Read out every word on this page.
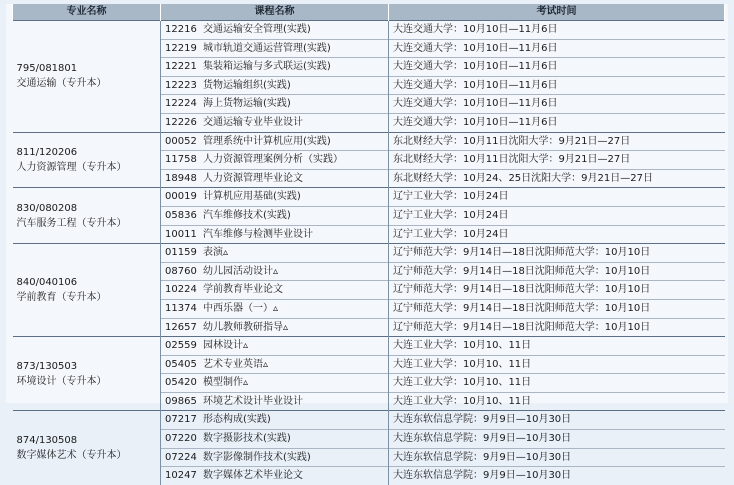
专业名称	课程名称	考试时间

795/081801
交通运输（专升本）	12216 交通运输安全管理(实践)	大连交通大学：10月10日—11月6日
	12219 城市轨道交通运营管理(实践)	大连交通大学：10月10日—11月6日
	12221 集装箱运输与多式联运(实践)	大连交通大学：10月10日—11月6日
	12223 货物运输组织(实践)	大连交通大学：10月10日—11月6日
	12224 海上货物运输(实践)	大连交通大学：10月10日—11月6日
	12226 交通运输专业毕业设计	大连交通大学：10月10日—11月6日

811/120206
人力资源管理（专升本）	00052 管理系统中计算机应用(实践)	东北财经大学：10月11日沈阳大学：9月21日—27日
	11758 人力资源管理案例分析（实践）	东北财经大学：10月11日沈阳大学：9月21日—27日
	18948 人力资源管理毕业论文	东北财经大学：10月24、25日沈阳大学：9月21日—27日

830/080208
汽车服务工程（专升本）	00019 计算机应用基础(实践)	辽宁工业大学：10月24日
	05836 汽车维修技术(实践)	辽宁工业大学：10月24日
	10011 汽车维修与检测毕业设计	辽宁工业大学：10月24日

840/040106
学前教育（专升本）	01159 表演▵	辽宁师范大学：9月14日—18日沈阳师范大学：10月10日
	08760 幼儿园活动设计▵	辽宁师范大学：9月14日—18日沈阳师范大学：10月10日
	10224 学前教育毕业论文	辽宁师范大学：9月14日—18日沈阳师范大学：10月10日
	11374 中西乐器（一）▵	辽宁师范大学：9月14日—18日沈阳师范大学：10月10日
	12657 幼儿教师教研指导▵	辽宁师范大学：9月14日—18日沈阳师范大学：10月10日

873/130503
环境设计（专升本）	02559 园林设计▵	大连工业大学：10月10、11日
	05405 艺术专业英语▵	大连工业大学：10月10、11日
	05420 模型制作▵	大连工业大学：10月10、11日
	09865 环境艺术设计毕业设计	大连工业大学：10月10、11日

874/130508
数字媒体艺术（专升本）	07217 形态构成(实践)	大连东软信息学院：9月9日—10月30日
	07220 数字摄影技术(实践)	大连东软信息学院：9月9日—10月30日
	07224 数字影像制作技术(实践)	大连东软信息学院：9月9日—10月30日
	10247 数字媒体艺术毕业论文	大连东软信息学院：9月9日—10月30日
